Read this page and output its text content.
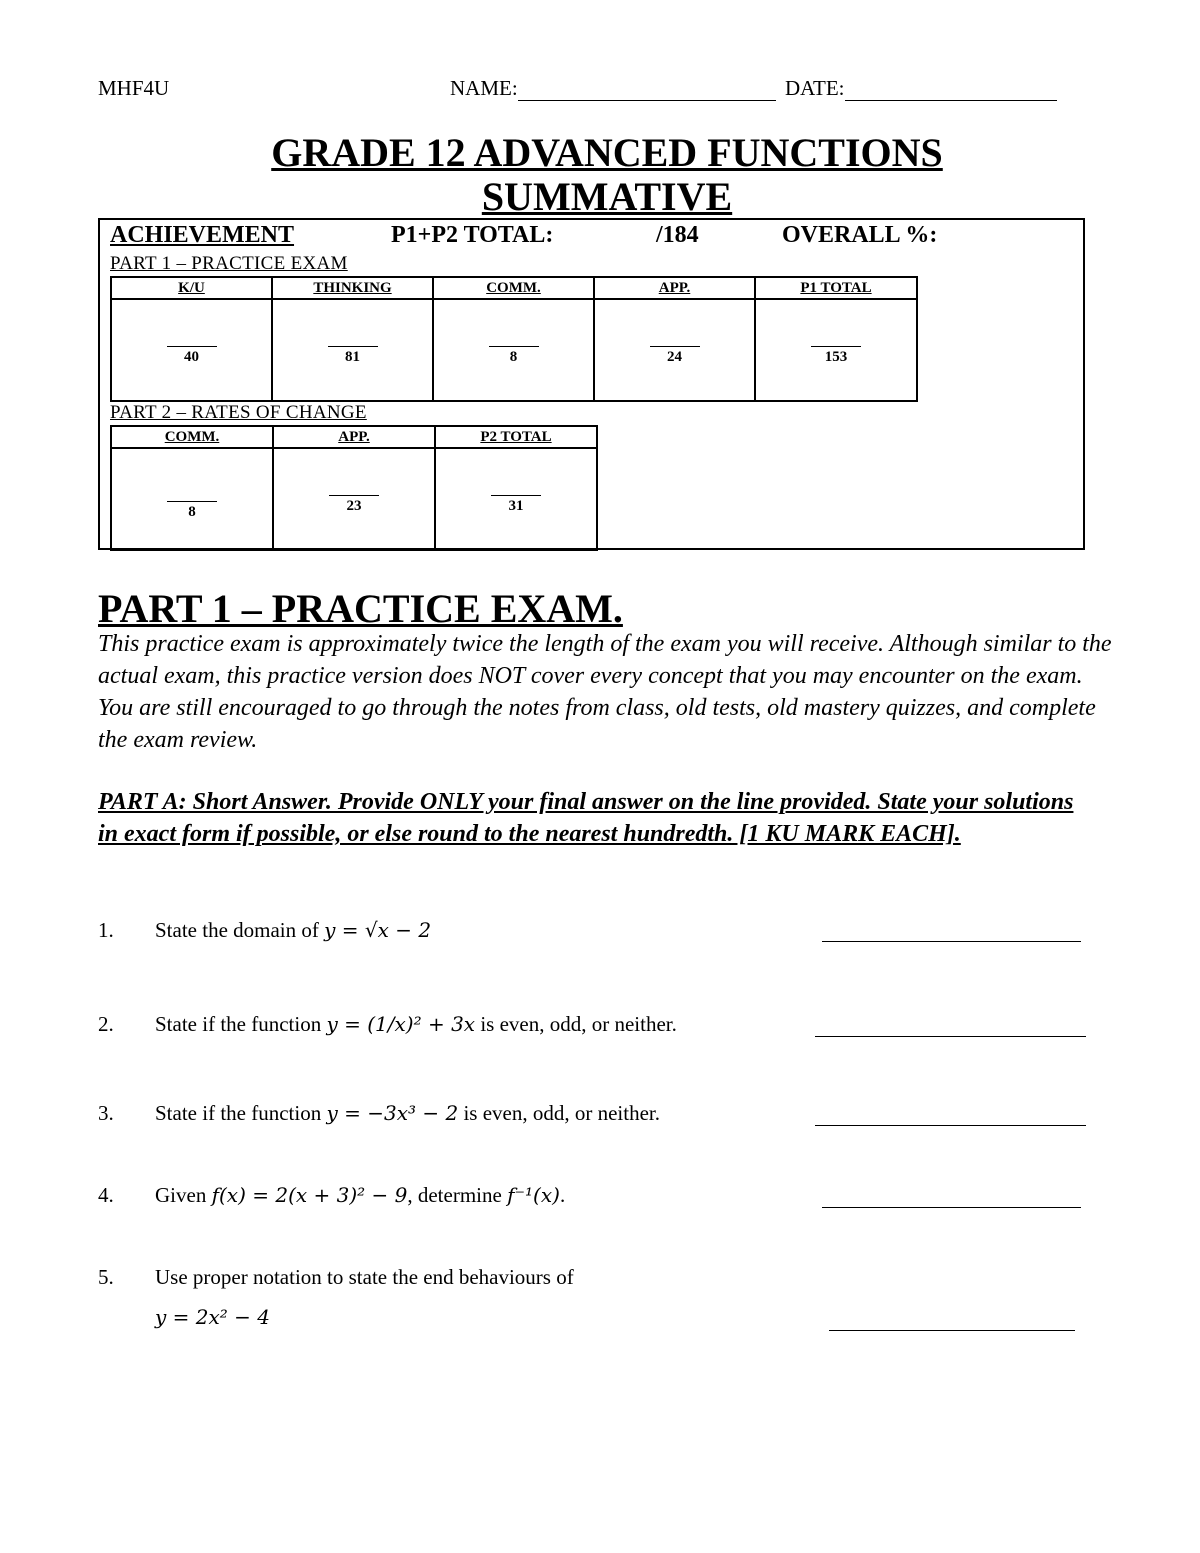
MHF4U	NAME:	DATE:
GRADE 12 ADVANCED FUNCTIONS
SUMMATIVE
ACHIEVEMENT	P1+P2 TOTAL:	/184	OVERALL %:
PART 1 – PRACTICE EXAM
K/U	THINKING	COMM.	APP.	P1 TOTAL

40	81	8	24	153
PART 2 – RATES OF CHANGE
COMM.	APP.	P2 TOTAL

8	23	31
PART 1 – PRACTICE EXAM.
This practice exam is approximately twice the length of the exam you will receive. Although similar to the actual exam, this practice version does NOT cover every concept that you may encounter on the exam. You are still encouraged to go through the notes from class, old tests, old mastery quizzes, and complete the exam review.
PART A: Short Answer. Provide ONLY your final answer on the line provided. State your solutions in exact form if possible, or else round to the nearest hundredth. [1 KU MARK EACH].
1. State the domain of y = √x − 2
2. State if the function y = (1/x)² + 3x is even, odd, or neither.
3. State if the function y = −3x³ − 2 is even, odd, or neither.
4. Given f(x) = 2(x + 3)² − 9, determine f⁻¹(x).
5. Use proper notation to state the end behaviours of
y = 2x² − 4
